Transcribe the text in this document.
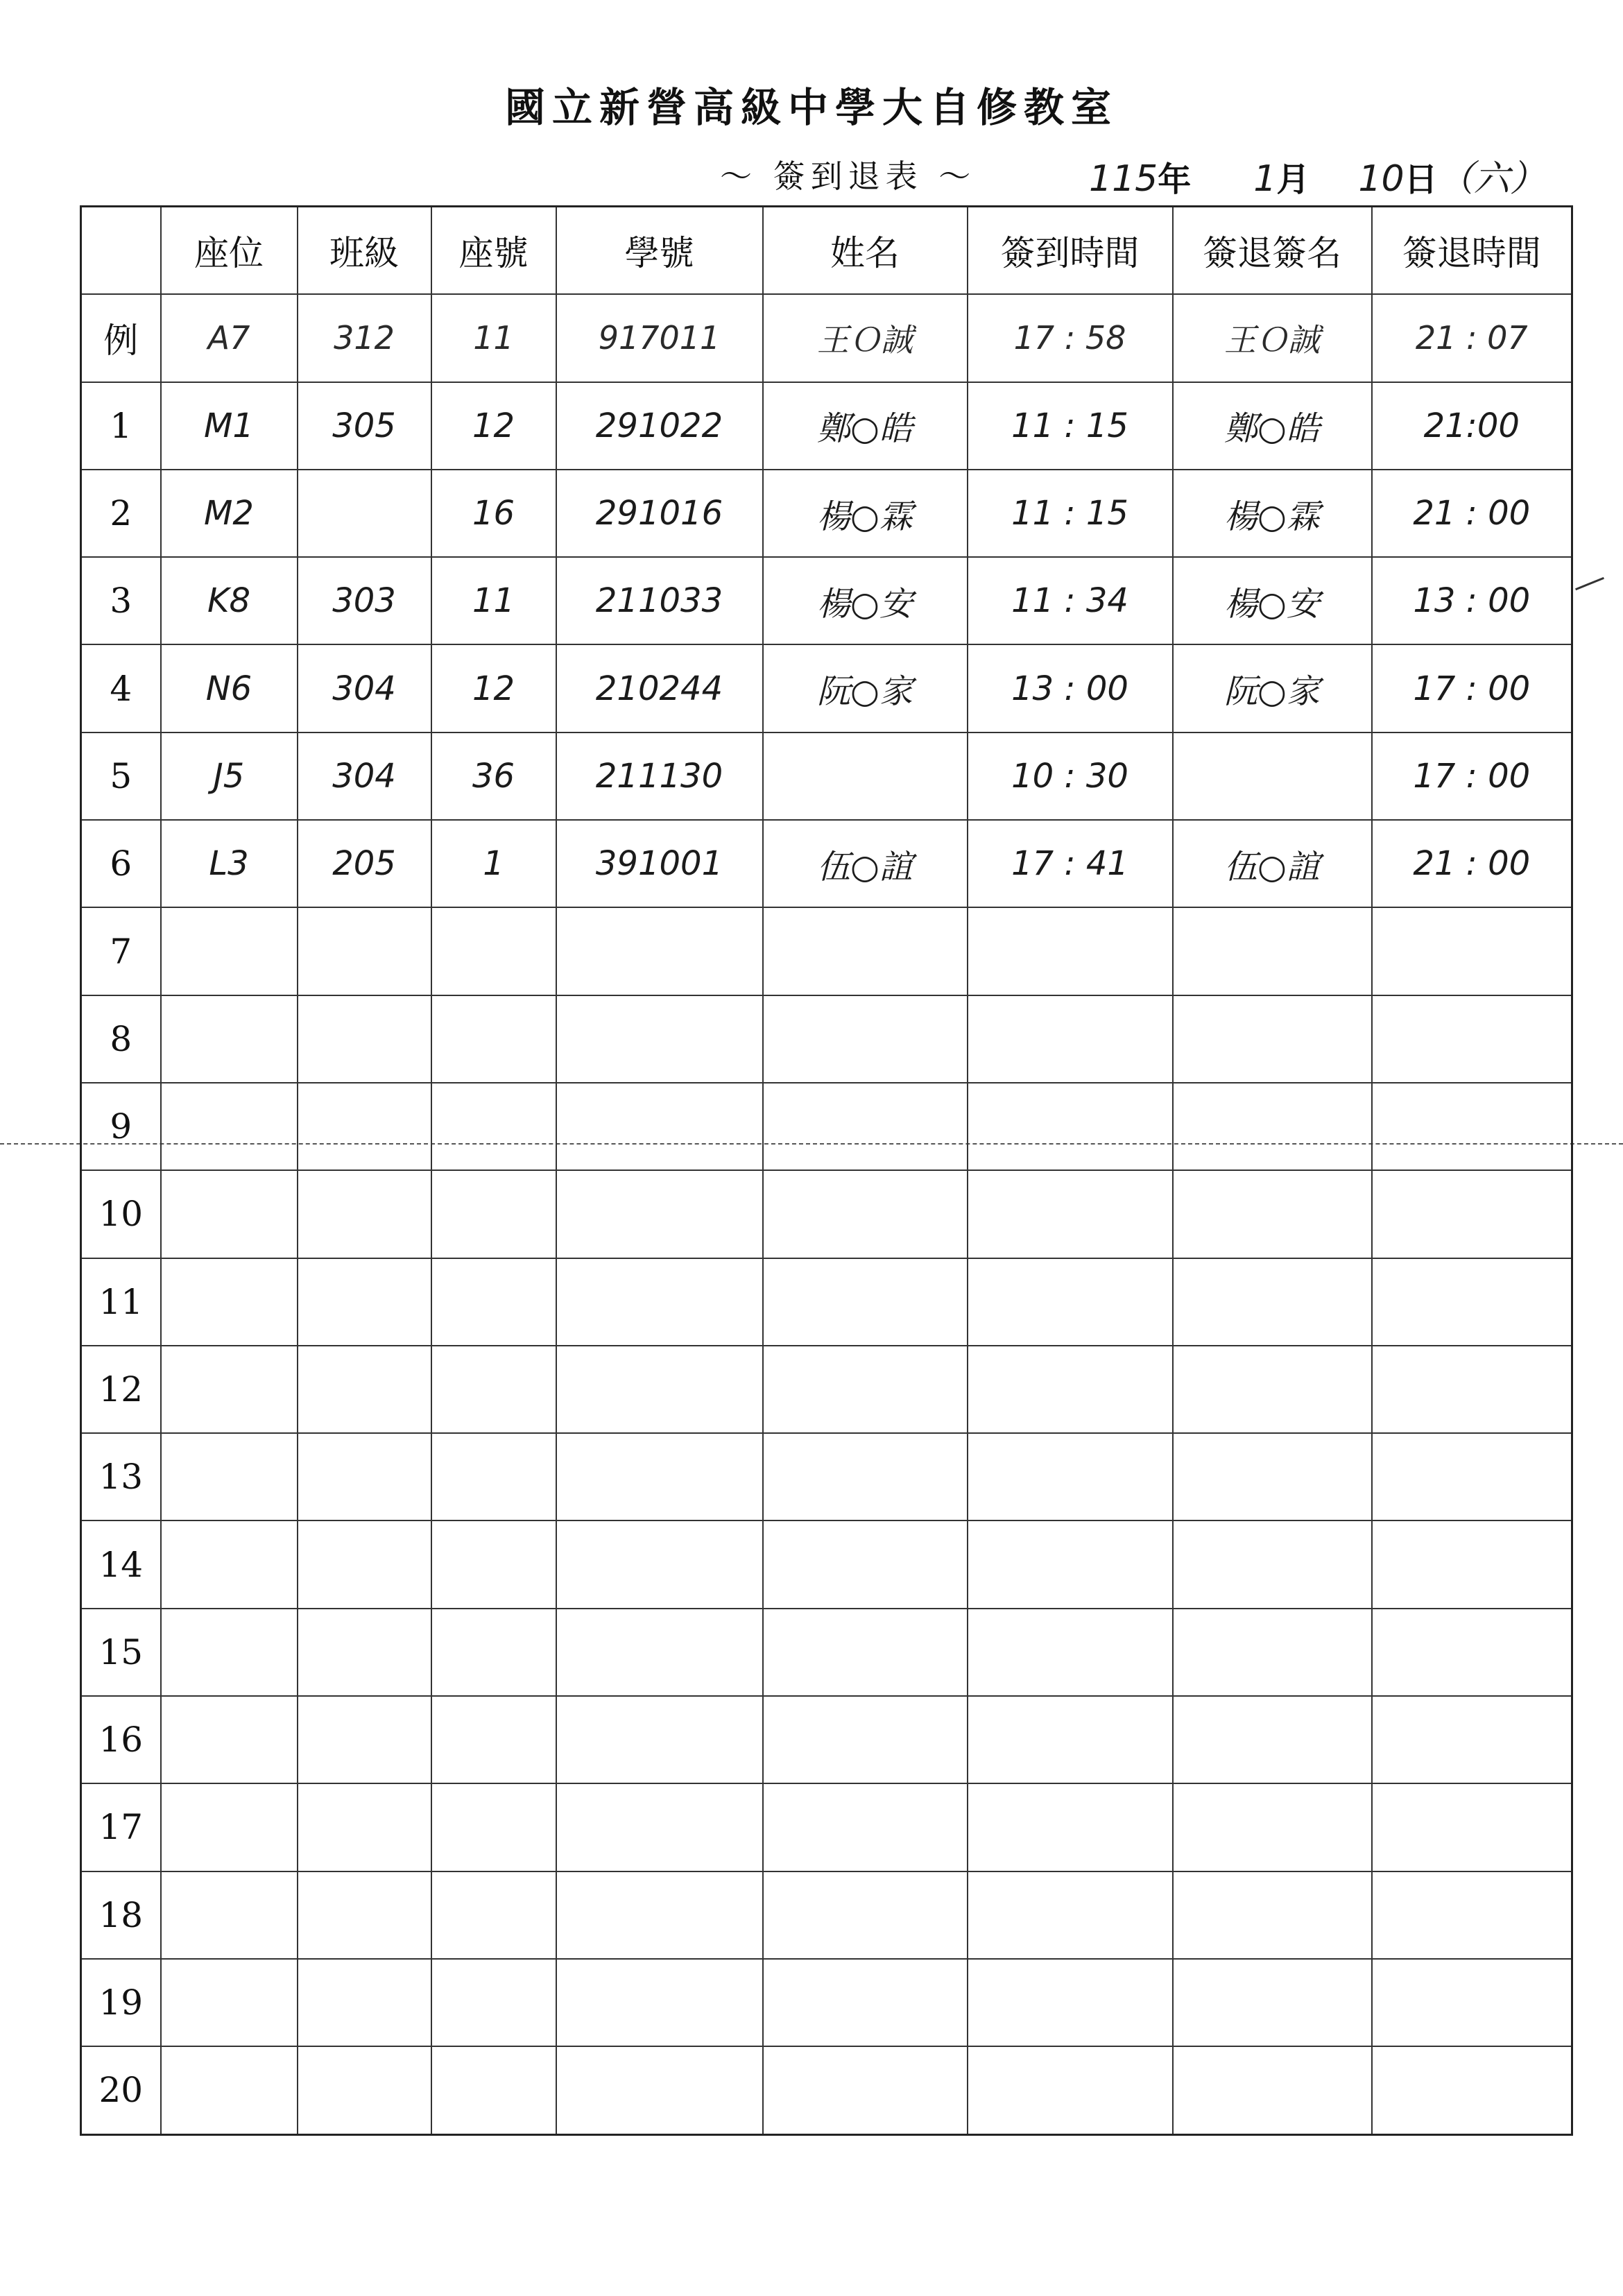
國立新營高級中學大自修教室
～ 簽到退表 ～	115 年 1 月 10 日 （六）
	座位	班級	座號	學號	姓名	簽到時間	簽退簽名	簽退時間
例	A7	312	11	917011	王Ｏ誠	17 : 58	王Ｏ誠	21 : 07
1	M1	305	12	291022	鄭○皓	11 : 15	鄭○皓	21:00
2	M2		16	291016	楊○霖	11 : 15	楊○霖	21 : 00
3	K8	303	11	211033	楊○安	11 : 34	楊○安	13 : 00
4	N6	304	12	210244	阮○家	13 : 00	阮○家	17 : 00
5	J5	304	36	211130		10 : 30		17 : 00
6	L3	205	1	391001	伍○誼	17 : 41	伍○誼	21 : 00
7								
8								
9								
10								
11								
12								
13								
14								
15								
16								
17								
18								
19								
20								
